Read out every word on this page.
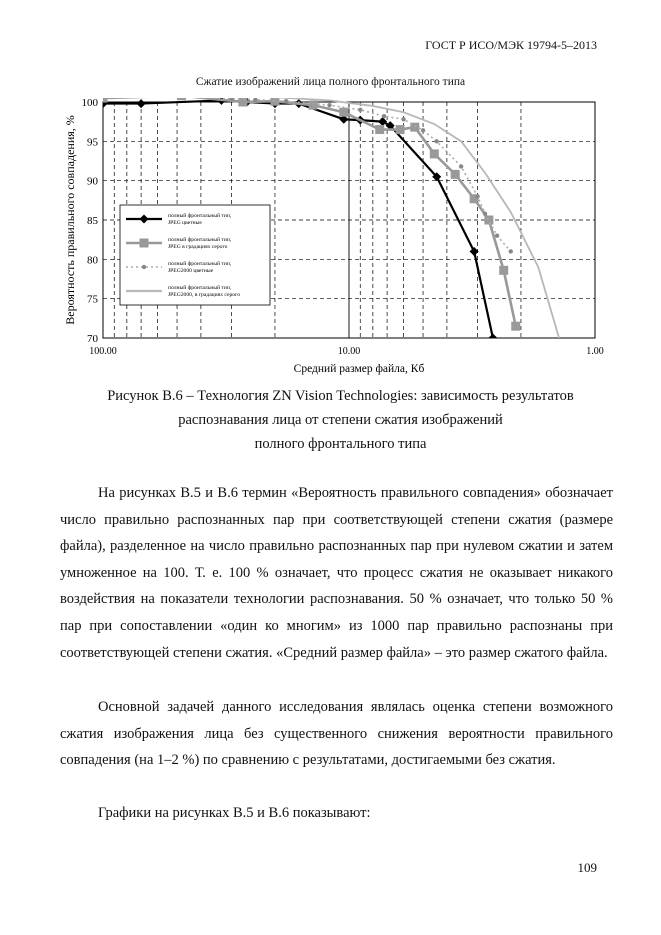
ГОСТ Р ИСО/МЭК 19794-5–2013
Сжатие изображений лица полного фронтального типа
70
75
80
85
90
95
100
100.00	10.00	1.00
Средний размер файла, Кб
Вероятность правильного совпадения, %	полный фронтальный тип, JPEG цветные
полный фронтальный тип, JPEG в градациях серого
полный фронтальный тип, JPEG2000 цветные
полный фронтальный тип, JPEG2000, в градациях серого
Рисунок В.6 – Технология ZN Vision Technologies: зависимость результатов
распознавания лица от степени сжатия изображений
полного фронтального типа

На рисунках В.5 и В.6 термин «Вероятность правильного совпадения» обозначает число правильно распознанных пар при соответствующей степени сжатия (размере файла), разделенное на число правильно распознанных пар при нулевом сжатии и затем умноженное на 100. Т. е. 100 % означает, что процесс сжатия не оказывает никакого воздействия на показатели технологии распознавания. 50 % означает, что только 50 % пар при сопоставлении «один ко многим» из 1000 пар правильно распознаны при соответствующей степени сжатия. «Средний размер файла» – это размер сжатого файла.

Основной задачей данного исследования являлась оценка степени возможного сжатия изображения лица без существенного снижения вероятности правильного совпадения (на 1–2 %) по сравнению с результатами, достигаемыми без сжатия.

Графики на рисунках В.5 и В.6 показывают:

109
